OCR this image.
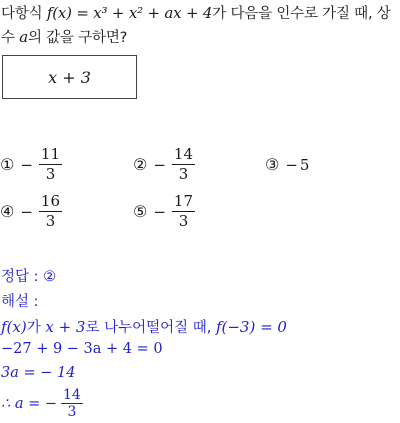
다항식 f(x) = x³ + x² + ax + 4가 다음을 인수로 가질 때, 상
수 a의 값을 구하면?
x + 3
① − $\frac{11}{3}$	② − $\frac{14}{3}$	③ − 5
④ − $\frac{16}{3}$	⑤ − $\frac{17}{3}$
정답 : ②
해설 :
f(x)가 x + 3로 나누어떨어질 때, f(−3) = 0
−27 + 9 − 3a + 4 = 0
3a = − 14
∴ a = − $\frac{14}{3}$
